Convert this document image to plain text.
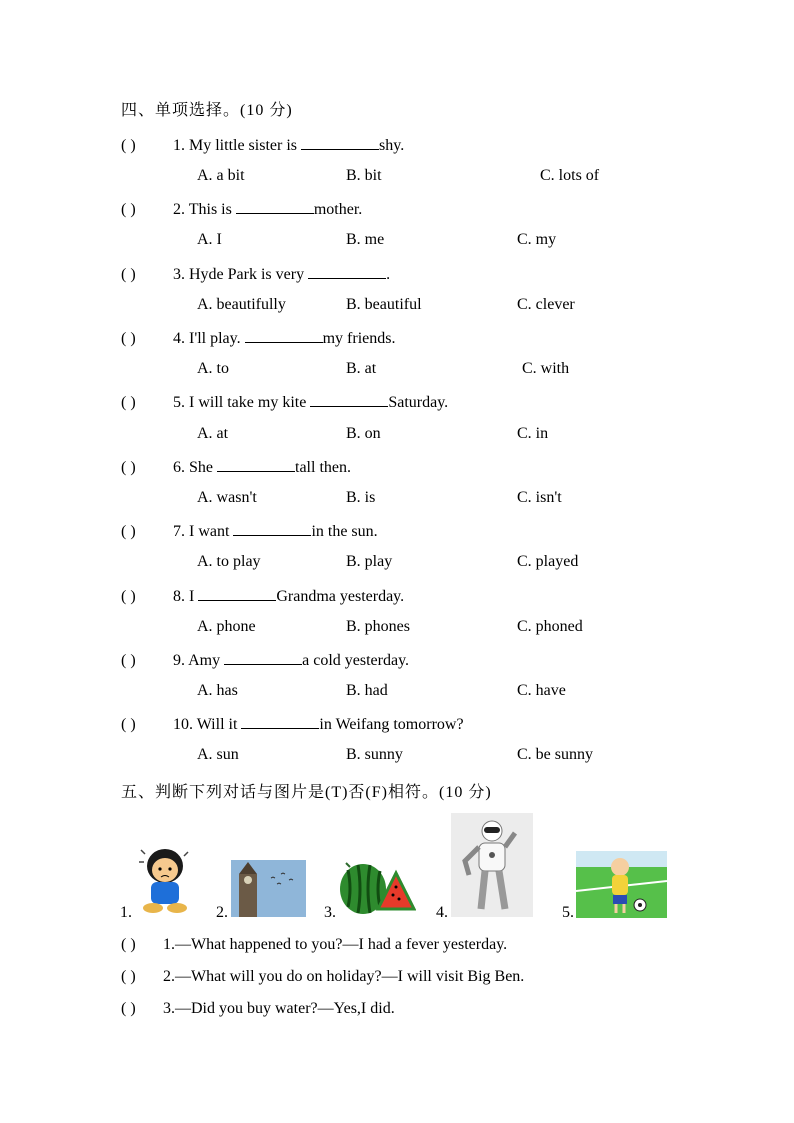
四、单项选择。(10 分)
( ) 1. My little sister is	shy.
A. a bit	B. bit	C. lots of
( ) 2. This is	mother.
A. I	B. me	C. my
( ) 3. Hyde Park is very	.
A. beautifully	B. beautiful	C. clever
( ) 4. I'll play.	my friends.
A. to	B. at	C. with
( ) 5. I will take my kite	Saturday.
A. at	B. on	C. in
( ) 6. She	tall then.
A. wasn't	B. is	C. isn't
( ) 7. I want	in the sun.
A. to play	B. play	C. played
( ) 8. I	Grandma yesterday.
A. phone	B. phones	C. phoned
( ) 9. Amy	a cold yesterday.
A. has	B. had	C. have
( ) 10. Will it	in Weifang tomorrow?
A. sun	B. sunny	C. be sunny
五、判断下列对话与图片是(T)否(F)相符。(10 分)
1.	2.	3.	4.	5.
( ) 1.—What happened to you?—I had a fever yesterday.
( ) 2.—What will you do on holiday?—I will visit Big Ben.
( ) 3.—Did you buy water?—Yes,I did.
